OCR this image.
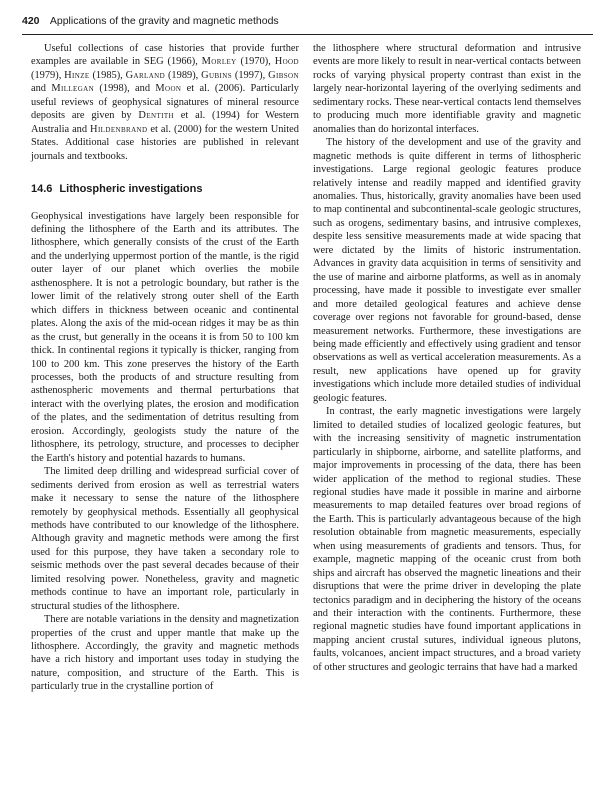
420 Applications of the gravity and magnetic methods

Useful collections of case histories that provide further examples are available in SEG (1966), Morley (1970), Hood (1979), Hinze (1985), Garland (1989), Gubins (1997), Gibson and Millegan (1998), and Moon et al. (2006). Particularly useful reviews of geophysical signatures of mineral resource deposits are given by Dentith et al. (1994) for Western Australia and Hildenbrand et al. (2000) for the western United States. Additional case histories are published in relevant journals and textbooks.

14.6 Lithospheric investigations

Geophysical investigations have largely been responsible for defining the lithosphere of the Earth and its attributes. The lithosphere, which generally consists of the crust of the Earth and the underlying uppermost portion of the mantle, is the rigid outer layer of our planet which overlies the mobile asthenosphere. It is not a petrologic boundary, but rather is the lower limit of the relatively strong outer shell of the Earth which differs in thickness between oceanic and continental plates. Along the axis of the mid-ocean ridges it may be as thin as the crust, but generally in the oceans it is from 50 to 100 km thick. In continental regions it typically is thicker, ranging from 100 to 200 km. This zone preserves the history of the Earth processes, both the products of and structure resulting from asthenospheric movements and thermal perturbations that interact with the overlying plates, the erosion and modification of the plates, and the sedimentation of detritus resulting from erosion. Accordingly, geologists study the nature of the lithosphere, its petrology, structure, and processes to decipher the Earth's history and potential hazards to humans.

The limited deep drilling and widespread surficial cover of sediments derived from erosion as well as terrestrial waters make it necessary to sense the nature of the lithosphere remotely by geophysical methods. Essentially all geophysical methods have contributed to our knowledge of the lithosphere. Although gravity and magnetic methods were among the first used for this purpose, they have taken a secondary role to seismic methods over the past several decades because of their limited resolving power. Nonetheless, gravity and magnetic methods continue to have an important role, particularly in structural studies of the lithosphere.

There are notable variations in the density and magnetization properties of the crust and upper mantle that make up the lithosphere. Accordingly, the gravity and magnetic methods have a rich history and important uses today in studying the nature, composition, and structure of the Earth. This is particularly true in the crystalline portion of

the lithosphere where structural deformation and intrusive events are more likely to result in near-vertical contacts between rocks of varying physical property contrast than exist in the largely near-horizontal layering of the overlying sediments and sedimentary rocks. These near-vertical contacts lend themselves to producing much more identifiable gravity and magnetic anomalies than do horizontal interfaces.

The history of the development and use of the gravity and magnetic methods is quite different in terms of lithospheric investigations. Large regional geologic features produce relatively intense and readily mapped and identified gravity anomalies. Thus, historically, gravity anomalies have been used to map continental and subcontinental-scale geologic structures, such as orogens, sedimentary basins, and intrusive complexes, despite less sensitive measurements made at wide spacing that were dictated by the limits of historic instrumentation. Advances in gravity data acquisition in terms of sensitivity and the use of marine and airborne platforms, as well as in anomaly processing, have made it possible to investigate ever smaller and more detailed geological features and achieve dense coverage over regions not favorable for ground-based, dense measurement networks. Furthermore, these investigations are being made efficiently and effectively using gradient and tensor observations as well as vertical acceleration measurements. As a result, new applications have opened up for gravity investigations which include more detailed studies of individual geologic features.

In contrast, the early magnetic investigations were largely limited to detailed studies of localized geologic features, but with the increasing sensitivity of magnetic instrumentation particularly in shipborne, airborne, and satellite platforms, and major improvements in processing of the data, there has been wider application of the method to regional studies. These regional studies have made it possible in marine and airborne measurements to map detailed features over broad regions of the Earth. This is particularly advantageous because of the high resolution obtainable from magnetic measurements, especially when using measurements of gradients and tensors. Thus, for example, magnetic mapping of the oceanic crust from both ships and aircraft has observed the magnetic lineations and their disruptions that were the prime driver in developing the plate tectonics paradigm and in deciphering the history of the oceans and their interaction with the continents. Furthermore, these regional magnetic studies have found important applications in mapping ancient crustal sutures, individual igneous plutons, faults, volcanoes, ancient impact structures, and a broad variety of other structures and geologic terrains that have had a marked
